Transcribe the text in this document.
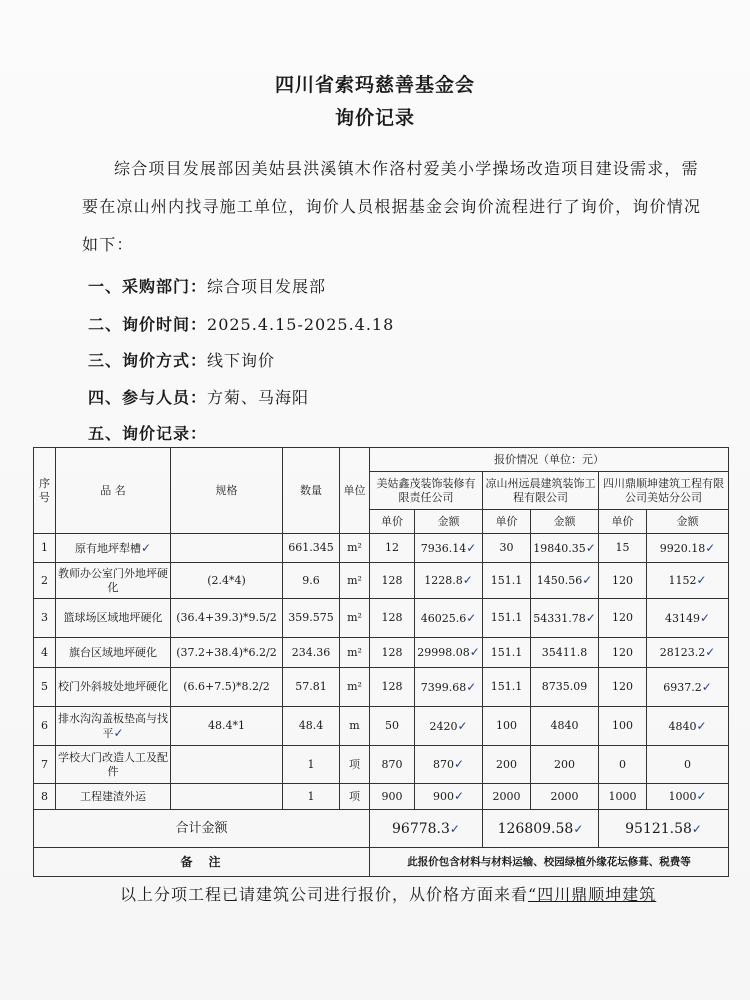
四川省索玛慈善基金会
询价记录
综合项目发展部因美姑县洪溪镇木作洛村爱美小学操场改造项目建设需求，需要在凉山州内找寻施工单位，询价人员根据基金会询价流程进行了询价，询价情况如下：
一、采购部门：综合项目发展部
二、询价时间：2025.4.15-2025.4.18
三、询价方式：线下询价
四、参与人员：方菊、马海阳
五、询价记录：
序号	品 名	规格	数量	单位	报价情况（单位：元）					
					美姑鑫茂装饰装修有限责任公司		凉山州远晨建筑装饰工程有限公司		四川鼎顺坤建筑工程有限公司美姑分公司	
					单价	金额	单价	金额	单价	金额
1	原有地坪犁槽✓		661.345	m²	12	7936.14✓	30	19840.35✓	15	9920.18✓
2	教师办公室门外地坪硬化	(2.4*4)	9.6	m²	128	1228.8✓	151.1	1450.56✓	120	1152✓
3	篮球场区域地坪硬化	(36.4+39.3)*9.5/2	359.575	m²	128	46025.6✓	151.1	54331.78✓	120	43149✓
4	旗台区域地坪硬化	(37.2+38.4)*6.2/2	234.36	m²	128	29998.08✓	151.1	35411.8	120	28123.2✓
5	校门外斜坡处地坪硬化	(6.6+7.5)*8.2/2	57.81	m²	128	7399.68✓	151.1	8735.09	120	6937.2✓
6	排水沟沟盖板垫高与找平✓	48.4*1	48.4	m	50	2420✓	100	4840	100	4840✓
7	学校大门改造人工及配件		1	项	870	870✓	200	200	0	0
8	工程建渣外运		1	项	900	900✓	2000	2000	1000	1000✓
合计金额					96778.3✓		126809.58✓		95121.58✓	
备　注					此报价包含材料与材料运输、校园绿植外缘花坛修葺、税费等					
以上分项工程已请建筑公司进行报价，从价格方面来看“四川鼎顺坤建筑
